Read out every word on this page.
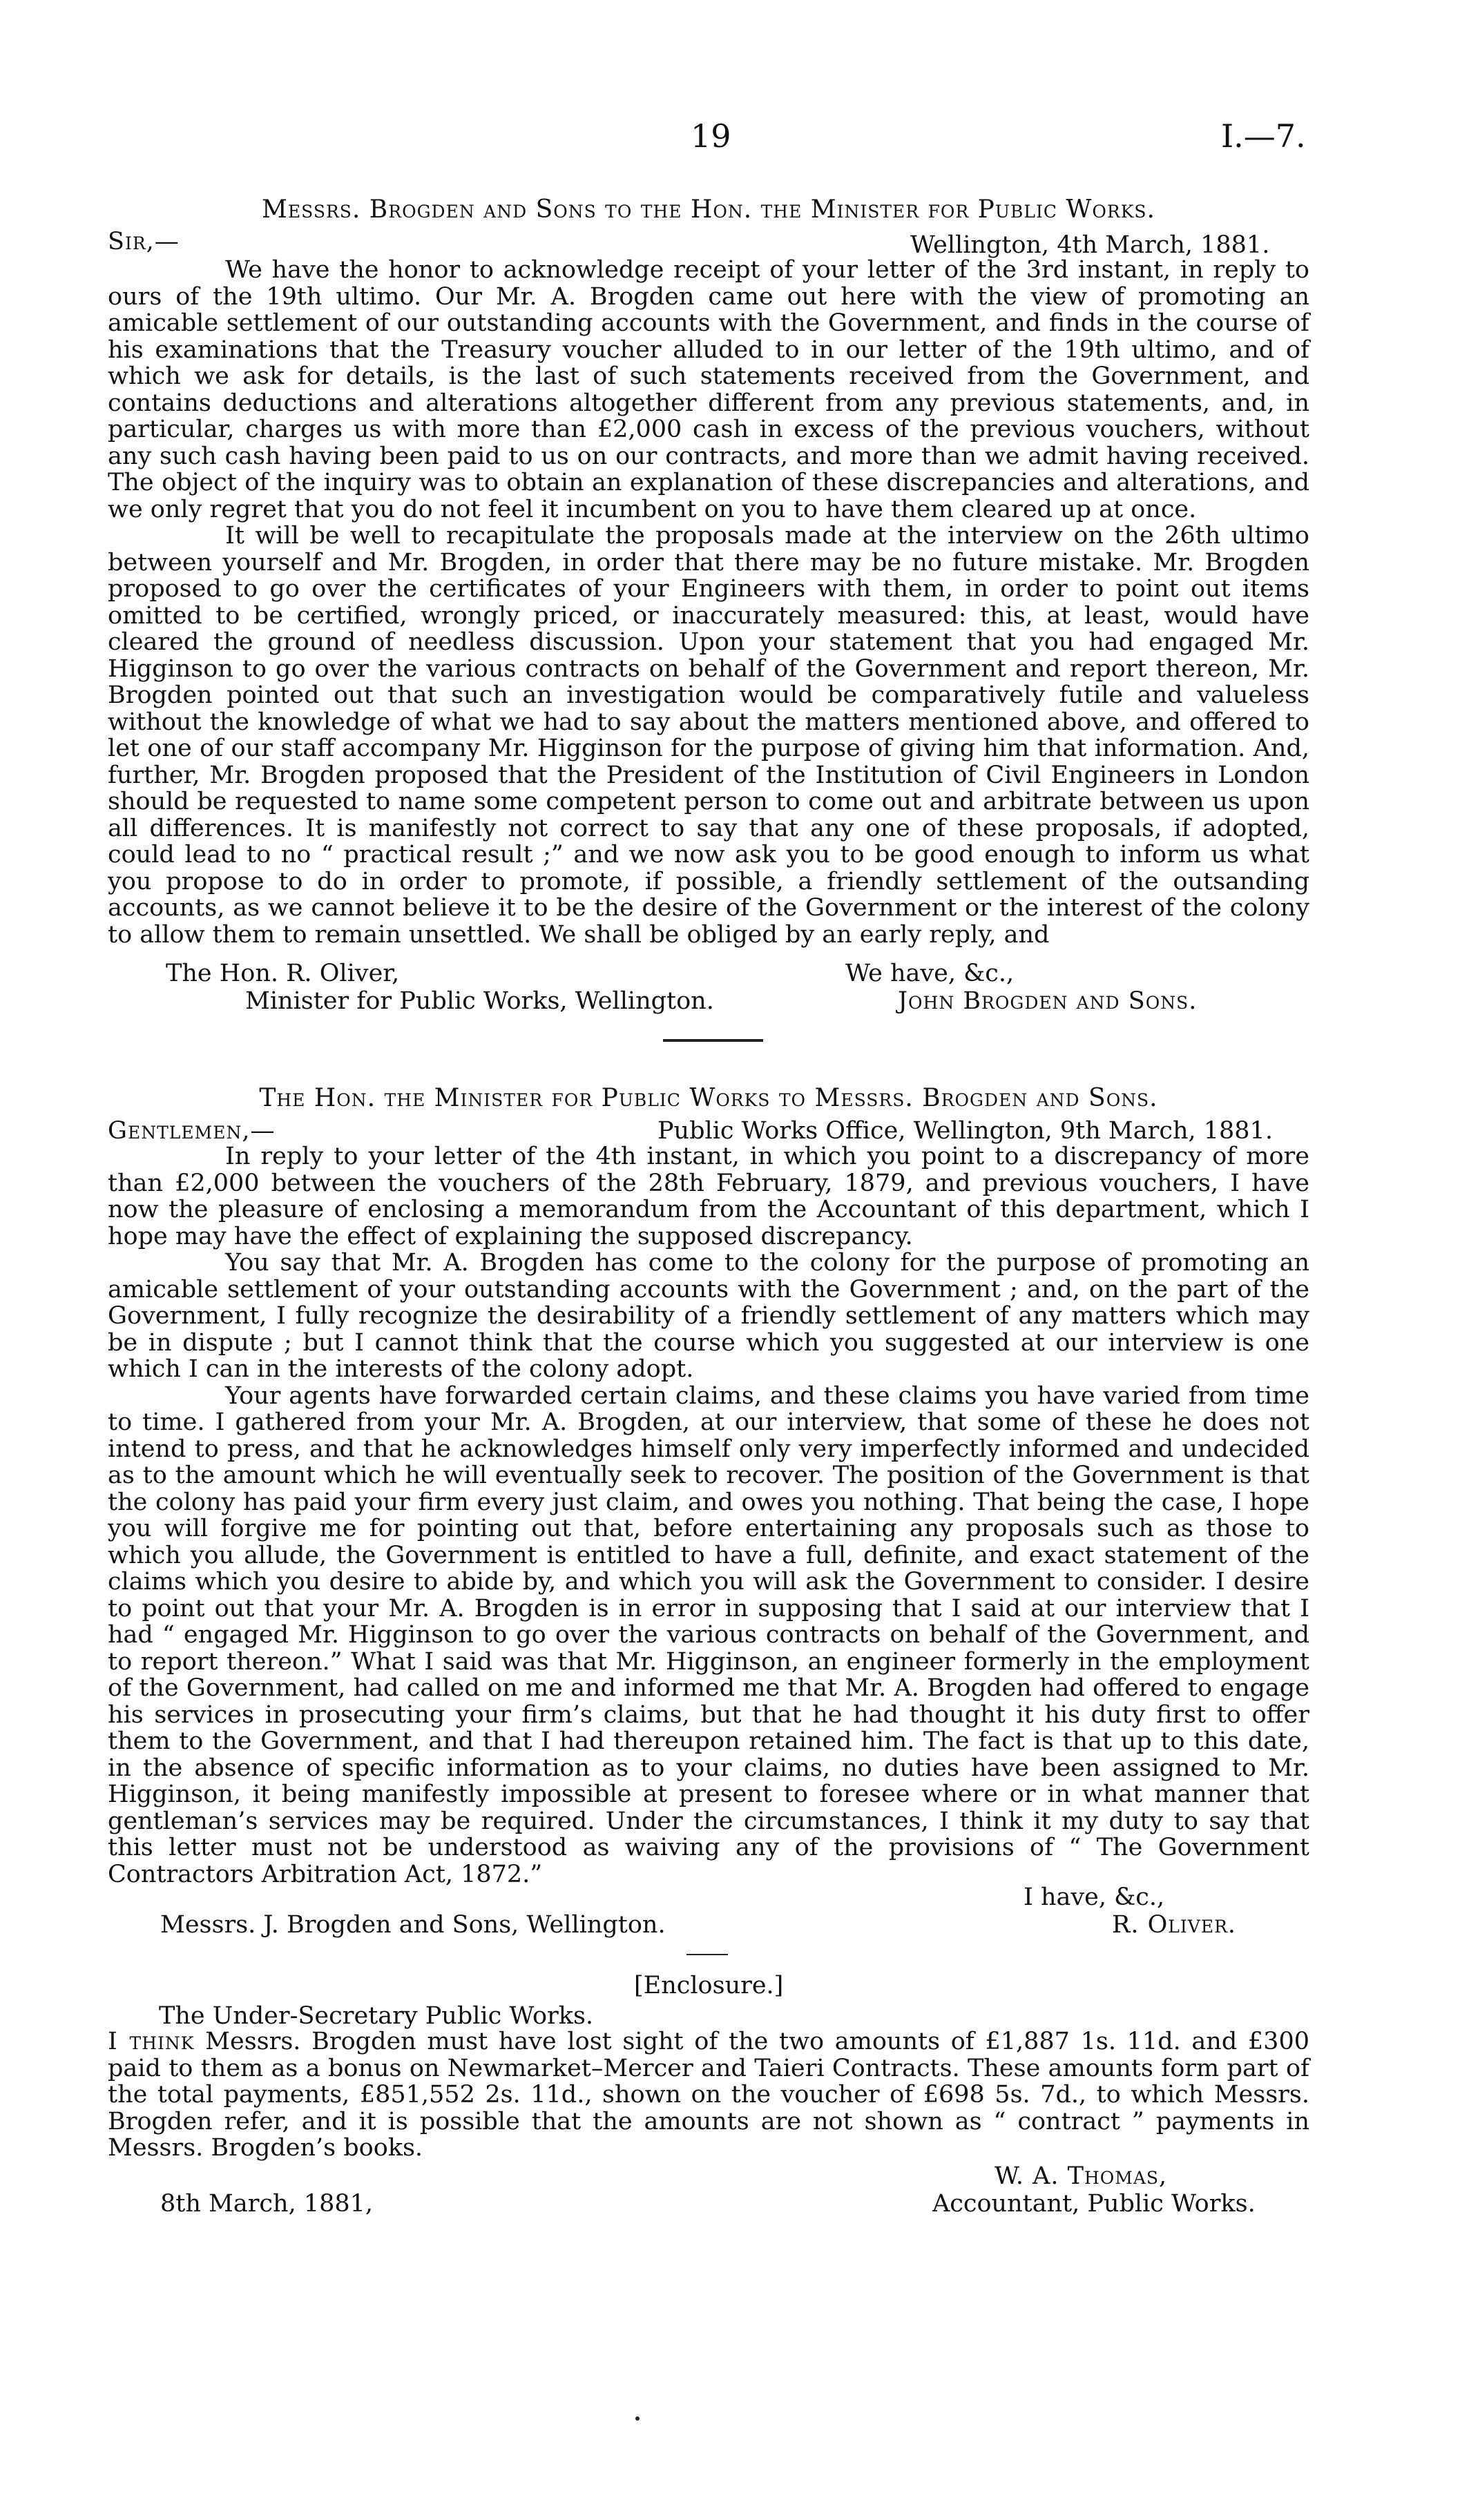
19	I.—7.
Messrs. Brogden and Sons to the Hon. the Minister for Public Works.
Sir,—	Wellington, 4th March, 1881.

We have the honor to acknowledge receipt of your letter of the 3rd instant, in reply to ours of the 19th ultimo. Our Mr. A. Brogden came out here with the view of promoting an amicable settlement of our outstanding accounts with the Government, and finds in the course of his examinations that the Treasury voucher alluded to in our letter of the 19th ultimo, and of which we ask for details, is the last of such statements received from the Government, and contains deductions and alterations altogether different from any previous statements, and, in particular, charges us with more than £2,000 cash in excess of the previous vouchers, without any such cash having been paid to us on our contracts, and more than we admit having received. The object of the inquiry was to obtain an explanation of these discrepancies and alterations, and we only regret that you do not feel it incumbent on you to have them cleared up at once.

It will be well to recapitulate the proposals made at the interview on the 26th ultimo between yourself and Mr. Brogden, in order that there may be no future mistake. Mr. Brogden proposed to go over the certificates of your Engineers with them, in order to point out items omitted to be certified, wrongly priced, or inaccurately measured: this, at least, would have cleared the ground of needless discussion. Upon your statement that you had engaged Mr. Higginson to go over the various contracts on behalf of the Government and report thereon, Mr. Brogden pointed out that such an investigation would be comparatively futile and valueless without the knowledge of what we had to say about the matters mentioned above, and offered to let one of our staff accompany Mr. Higginson for the purpose of giving him that information. And, further, Mr. Brogden proposed that the President of the Institution of Civil Engineers in London should be requested to name some competent person to come out and arbitrate between us upon all differences. It is manifestly not correct to say that any one of these proposals, if adopted, could lead to no “ practical result ;” and we now ask you to be good enough to inform us what you propose to do in order to promote, if possible, a friendly settlement of the outsanding accounts, as we cannot believe it to be the desire of the Government or the interest of the colony to allow them to remain unsettled. We shall be obliged by an early reply, and

The Hon. R. Oliver,	We have, &c.,
Minister for Public Works, Wellington.	John Brogden and Sons.
The Hon. the Minister for Public Works to Messrs. Brogden and Sons.
Gentlemen,—	Public Works Office, Wellington, 9th March, 1881.

In reply to your letter of the 4th instant, in which you point to a discrepancy of more than £2,000 between the vouchers of the 28th February, 1879, and previous vouchers, I have now the pleasure of enclosing a memorandum from the Accountant of this department, which I hope may have the effect of explaining the supposed discrepancy.

You say that Mr. A. Brogden has come to the colony for the purpose of promoting an amicable settlement of your outstanding accounts with the Government ; and, on the part of the Government, I fully recognize the desirability of a friendly settlement of any matters which may be in dispute ; but I cannot think that the course which you suggested at our interview is one which I can in the interests of the colony adopt.

Your agents have forwarded certain claims, and these claims you have varied from time to time. I gathered from your Mr. A. Brogden, at our interview, that some of these he does not intend to press, and that he acknowledges himself only very imperfectly informed and undecided as to the amount which he will eventually seek to recover. The position of the Government is that the colony has paid your firm every just claim, and owes you nothing. That being the case, I hope you will forgive me for pointing out that, before entertaining any proposals such as those to which you allude, the Government is entitled to have a full, definite, and exact statement of the claims which you desire to abide by, and which you will ask the Government to consider. I desire to point out that your Mr. A. Brogden is in error in supposing that I said at our interview that I had “ engaged Mr. Higginson to go over the various contracts on behalf of the Government, and to report thereon.” What I said was that Mr. Higginson, an engineer formerly in the employment of the Government, had called on me and informed me that Mr. A. Brogden had offered to engage his services in prosecuting your firm’s claims, but that he had thought it his duty first to offer them to the Government, and that I had thereupon retained him. The fact is that up to this date, in the absence of specific information as to your claims, no duties have been assigned to Mr. Higginson, it being manifestly impossible at present to foresee where or in what manner that gentleman’s services may be required. Under the circumstances, I think it my duty to say that this letter must not be understood as waiving any of the provisions of “ The Government Contractors Arbitration Act, 1872.”

I have, &c.,
Messrs. J. Brogden and Sons, Wellington.	R. Oliver.
[Enclosure.]
The Under-Secretary Public Works.

I think Messrs. Brogden must have lost sight of the two amounts of £1,887 1s. 11d. and £300 paid to them as a bonus on Newmarket–Mercer and Taieri Contracts. These amounts form part of the total payments, £851,552 2s. 11d., shown on the voucher of £698 5s. 7d., to which Messrs. Brogden refer, and it is possible that the amounts are not shown as “ contract ” payments in Messrs. Brogden’s books.

W. A. Thomas,
8th March, 1881,	Accountant, Public Works.
